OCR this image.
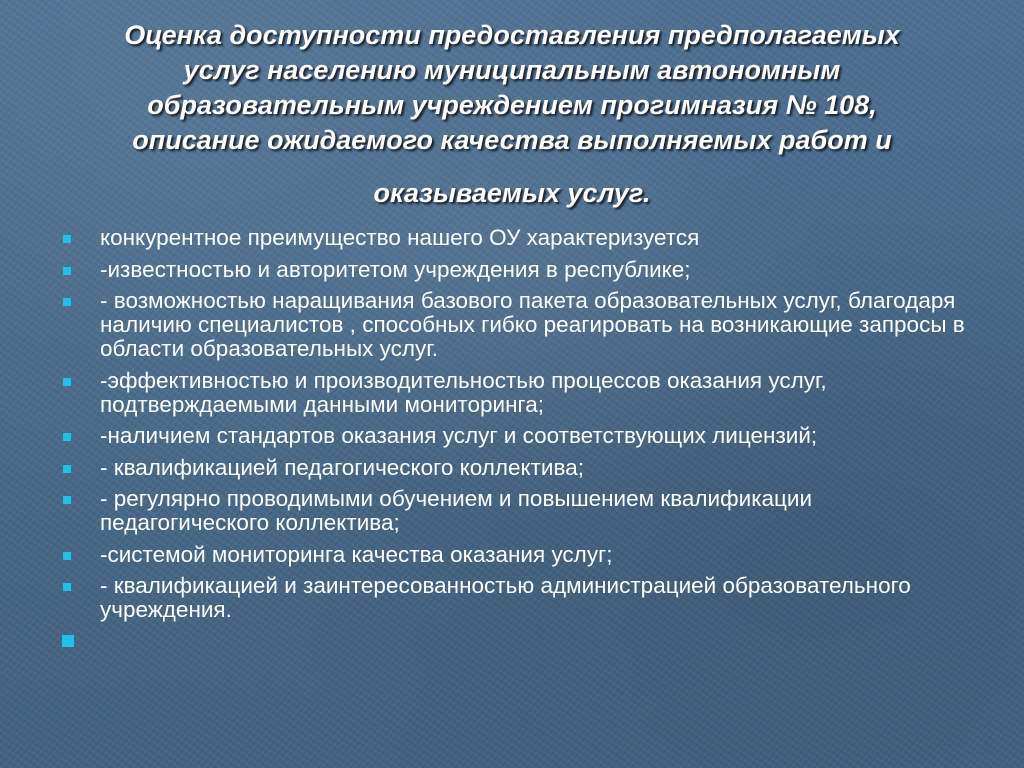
Оценка доступности предоставления предполагаемых
услуг населению муниципальным автономным
образовательным учреждением прогимназия № 108,
описание ожидаемого качества выполняемых работ и
оказываемых услуг.
конкурентное преимущество нашего ОУ характеризуется
-известностью и авторитетом учреждения в республике;
- возможностью наращивания базового пакета образовательных услуг, благодаря наличию специалистов , способных гибко реагировать на возникающие запросы в области образовательных услуг.
-эффективностью и производительностью процессов оказания услуг, подтверждаемыми данными мониторинга;
-наличием стандартов оказания услуг и соответствующих лицензий;
- квалификацией педагогического коллектива;
- регулярно проводимыми обучением и повышением квалификации педагогического коллектива;
-системой мониторинга качества оказания услуг;
- квалификацией и заинтересованностью администрацией образовательного учреждения.
